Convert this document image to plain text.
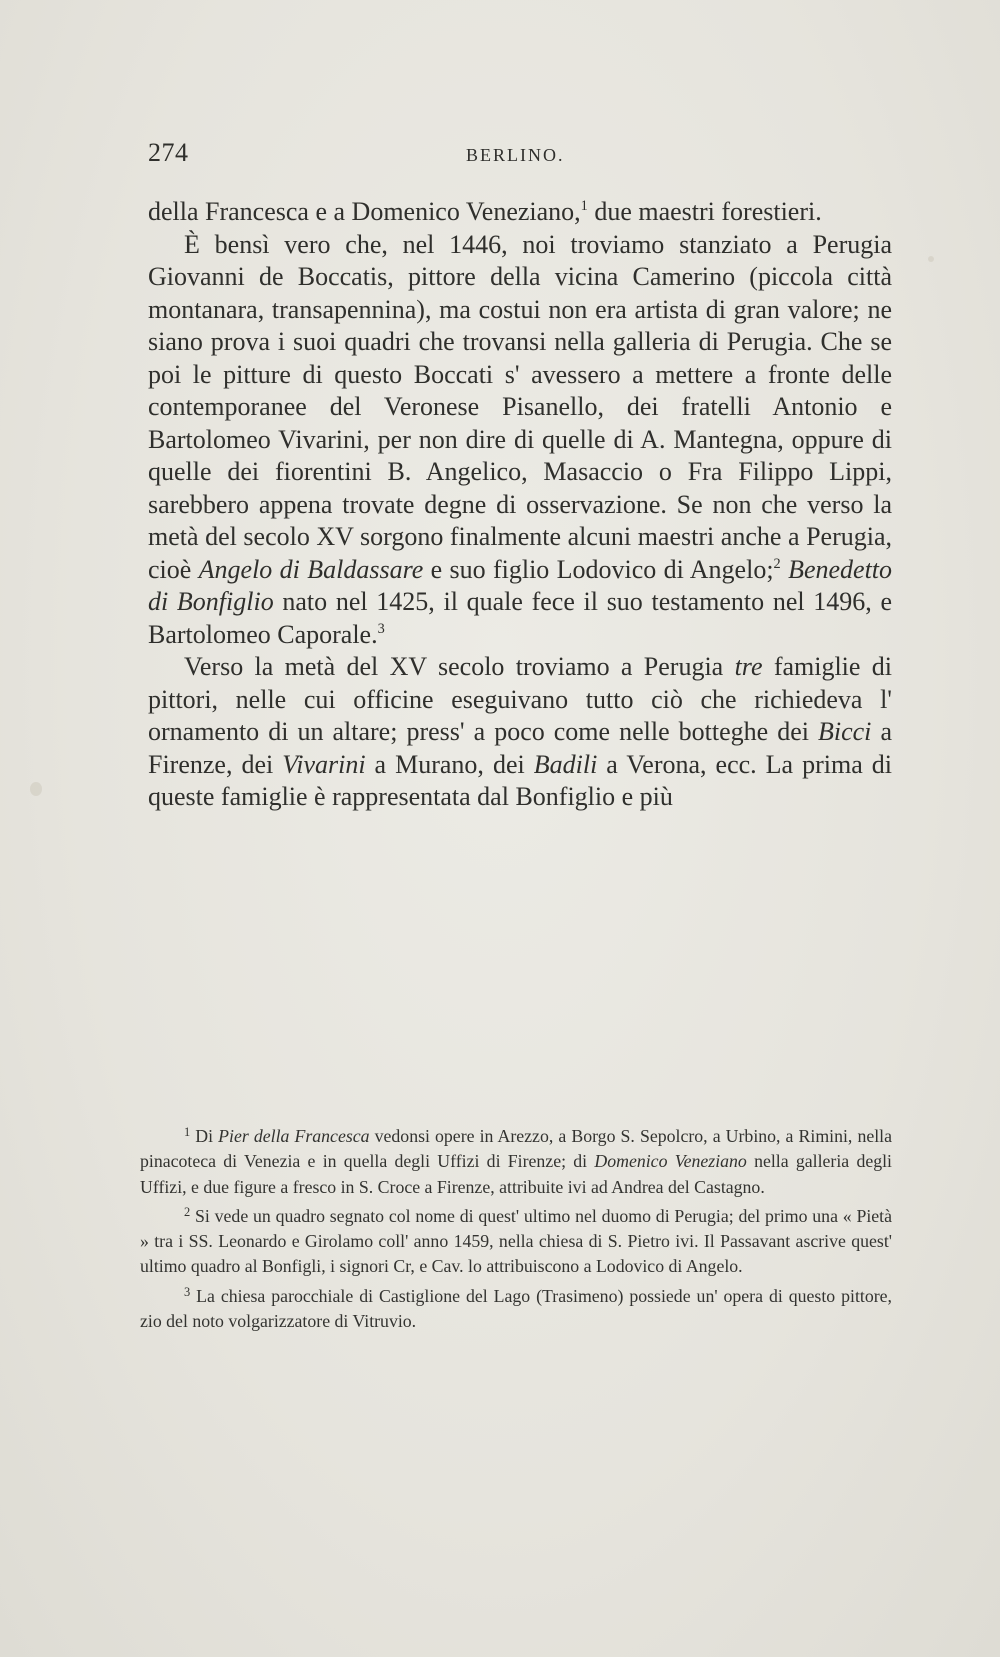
274	BERLINO.

della Francesca e a Domenico Veneziano,$^1$ due maestri forestieri.

È bensì vero che, nel 1446, noi troviamo stanziato a Perugia Giovanni de Boccatis, pittore della vicina Camerino (piccola città montanara, transapennina), ma costui non era artista di gran valore; ne siano prova i suoi quadri che trovansi nella galleria di Perugia. Che se poi le pitture di questo Boccati s' avessero a mettere a fronte delle contemporanee del Veronese Pisanello, dei fratelli Antonio e Bartolomeo Vivarini, per non dire di quelle di A. Mantegna, oppure di quelle dei fiorentini B. Angelico, Masaccio o Fra Filippo Lippi, sarebbero appena trovate degne di osservazione. Se non che verso la metà del secolo XV sorgono finalmente alcuni maestri anche a Perugia, cioè Angelo di Baldassare e suo figlio Lodovico di Angelo;$^2$ Benedetto di Bonfiglio nato nel 1425, il quale fece il suo testamento nel 1496, e Bartolomeo Caporale.$^3$

Verso la metà del XV secolo troviamo a Perugia tre famiglie di pittori, nelle cui officine eseguivano tutto ciò che richiedeva l' ornamento di un altare; press' a poco come nelle botteghe dei Bicci a Firenze, dei Vivarini a Murano, dei Badili a Verona, ecc. La prima di queste famiglie è rappresentata dal Bonfiglio e più

$^1$ Di Pier della Francesca vedonsi opere in Arezzo, a Borgo S. Sepolcro, a Urbino, a Rimini, nella pinacoteca di Venezia e in quella degli Uffizi di Firenze; di Domenico Veneziano nella galleria degli Uffizi, e due figure a fresco in S. Croce a Firenze, attribuite ivi ad Andrea del Castagno.

$^2$ Si vede un quadro segnato col nome di quest' ultimo nel duomo di Perugia; del primo una « Pietà » tra i SS. Leonardo e Girolamo coll' anno 1459, nella chiesa di S. Pietro ivi. Il Passavant ascrive quest' ultimo quadro al Bonfigli, i signori Cr, e Cav. lo attribuiscono a Lodovico di Angelo.

$^3$ La chiesa parocchiale di Castiglione del Lago (Trasimeno) possiede un' opera di questo pittore, zio del noto volgarizzatore di Vitruvio.
